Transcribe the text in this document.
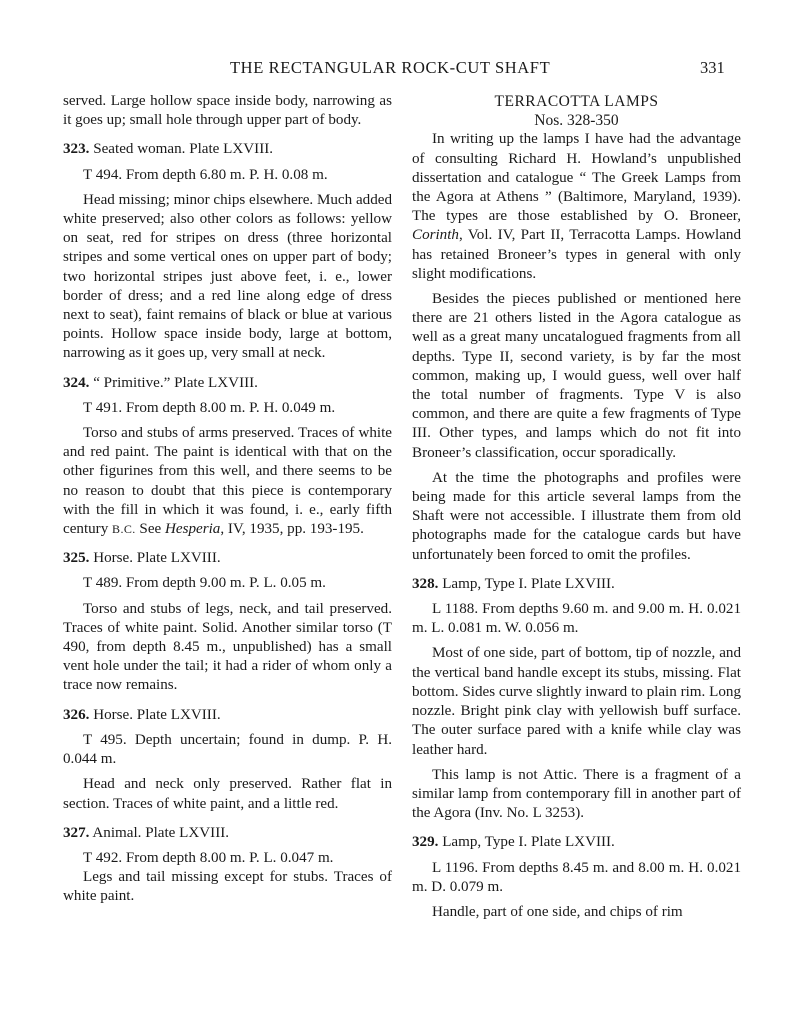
THE RECTANGULAR ROCK-CUT SHAFT	331

served. Large hollow space inside body, narrowing as it goes up; small hole through upper part of body.

323. Seated woman. Plate LXVIII.

T 494. From depth 6.80 m. P. H. 0.08 m.

Head missing; minor chips elsewhere. Much added white preserved; also other colors as follows: yellow on seat, red for stripes on dress (three horizontal stripes and some vertical ones on upper part of body; two horizontal stripes just above feet, i. e., lower border of dress; and a red line along edge of dress next to seat), faint remains of black or blue at various points. Hollow space inside body, large at bottom, narrowing as it goes up, very small at neck.

324. “ Primitive.” Plate LXVIII.

T 491. From depth 8.00 m. P. H. 0.049 m.

Torso and stubs of arms preserved. Traces of white and red paint. The paint is identical with that on the other figurines from this well, and there seems to be no reason to doubt that this piece is contemporary with the fill in which it was found, i. e., early fifth century B.C. See Hesperia, IV, 1935, pp. 193-195.

325. Horse. Plate LXVIII.

T 489. From depth 9.00 m. P. L. 0.05 m.

Torso and stubs of legs, neck, and tail preserved. Traces of white paint. Solid. Another similar torso (T 490, from depth 8.45 m., unpublished) has a small vent hole under the tail; it had a rider of whom only a trace now remains.

326. Horse. Plate LXVIII.

T 495. Depth uncertain; found in dump. P. H. 0.044 m.

Head and neck only preserved. Rather flat in section. Traces of white paint, and a little red.

327. Animal. Plate LXVIII.

T 492. From depth 8.00 m. P. L. 0.047 m.

Legs and tail missing except for stubs. Traces of white paint.

TERRACOTTA LAMPS

Nos. 328-350

In writing up the lamps I have had the advantage of consulting Richard H. Howland’s unpublished dissertation and catalogue “ The Greek Lamps from the Agora at Athens ” (Baltimore, Maryland, 1939). The types are those established by O. Broneer, Corinth, Vol. IV, Part II, Terracotta Lamps. Howland has retained Broneer’s types in general with only slight modifications.

Besides the pieces published or mentioned here there are 21 others listed in the Agora catalogue as well as a great many uncatalogued fragments from all depths. Type II, second variety, is by far the most common, making up, I would guess, well over half the total number of fragments. Type V is also common, and there are quite a few fragments of Type III. Other types, and lamps which do not fit into Broneer’s classification, occur sporadically.

At the time the photographs and profiles were being made for this article several lamps from the Shaft were not accessible. I illustrate them from old photographs made for the catalogue cards but have unfortunately been forced to omit the profiles.

328. Lamp, Type I. Plate LXVIII.

L 1188. From depths 9.60 m. and 9.00 m. H. 0.021 m. L. 0.081 m. W. 0.056 m.

Most of one side, part of bottom, tip of nozzle, and the vertical band handle except its stubs, missing. Flat bottom. Sides curve slightly inward to plain rim. Long nozzle. Bright pink clay with yellowish buff surface. The outer surface pared with a knife while clay was leather hard.

This lamp is not Attic. There is a fragment of a similar lamp from contemporary fill in another part of the Agora (Inv. No. L 3253).

329. Lamp, Type I. Plate LXVIII.

L 1196. From depths 8.45 m. and 8.00 m. H. 0.021 m. D. 0.079 m.

Handle, part of one side, and chips of rim
